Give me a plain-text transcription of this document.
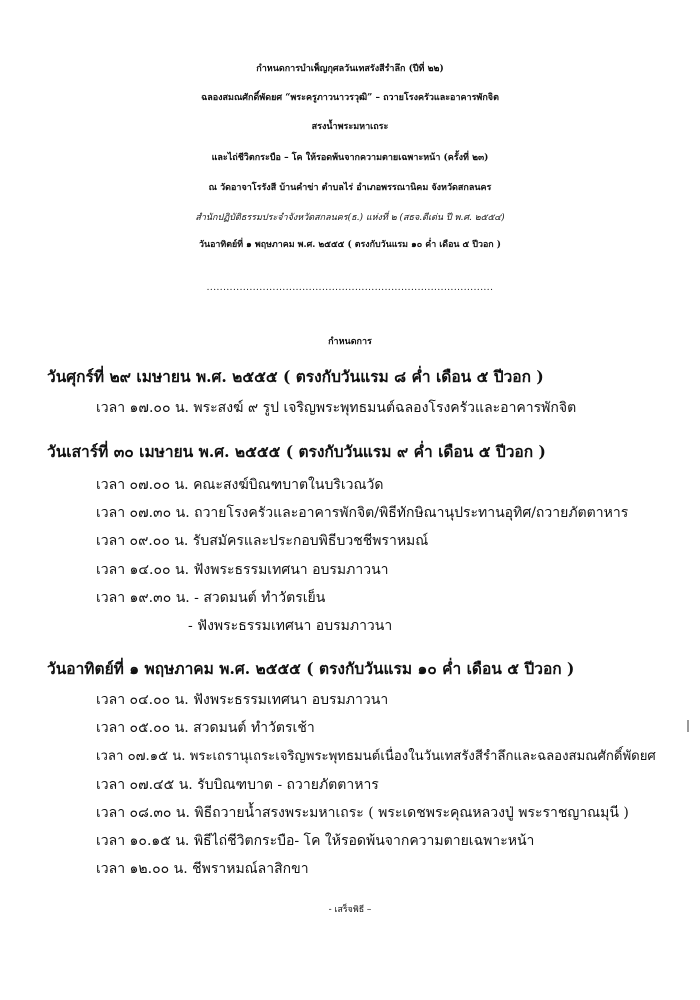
กำหนดการบำเพ็ญกุศลวันเทสรังสีรำลึก (ปีที่ ๒๒)
ฉลองสมณศักดิ์พัดยศ “พระครูภาวนาวรวุฒิ” – ถวายโรงครัวและอาคารพักจิต
สรงน้ำพระมหาเถระ
และไถ่ชีวิตกระบือ – โค ให้รอดพ้นจากความตายเฉพาะหน้า (ครั้งที่ ๒๓)
ณ วัดอาจาโรรังสี บ้านคำข่า ตำบลไร่ อำเภอพรรณานิคม จังหวัดสกลนคร
สำนักปฏิบัติธรรมประจำจังหวัดสกลนคร(ธ.) แห่งที่ ๒ (สธจ.ดีเด่น ปี พ.ศ. ๒๕๕๔)
วันอาทิตย์ที่ ๑ พฤษภาคม พ.ศ. ๒๕๕๕ ( ตรงกับวันแรม ๑๐ ค่ำ เดือน ๕ ปีวอก )
.......................................................................................
กำหนดการ
วันศุกร์ที่ ๒๙ เมษายน พ.ศ. ๒๕๕๕ ( ตรงกับวันแรม ๘ ค่ำ เดือน ๕ ปีวอก )
เวลา ๑๗.๐๐ น. พระสงฆ์ ๙ รูป เจริญพระพุทธมนต์ฉลองโรงครัวและอาคารพักจิต
วันเสาร์ที่ ๓๐ เมษายน พ.ศ. ๒๕๕๕ ( ตรงกับวันแรม ๙ ค่ำ เดือน ๕ ปีวอก )
เวลา ๐๗.๐๐ น. คณะสงฆ์บิณฑบาตในบริเวณวัด
เวลา ๐๗.๓๐ น. ถวายโรงครัวและอาคารพักจิต/พิธีทักษิณานุประทานอุทิศ/ถวายภัตตาหาร
เวลา ๐๙.๐๐ น. รับสมัครและประกอบพิธีบวชชีพราหมณ์
เวลา ๑๔.๐๐ น. ฟังพระธรรมเทศนา อบรมภาวนา
เวลา ๑๙.๓๐ น. - สวดมนต์ ทำวัตรเย็น
- ฟังพระธรรมเทศนา อบรมภาวนา
วันอาทิตย์ที่ ๑ พฤษภาคม พ.ศ. ๒๕๕๕ ( ตรงกับวันแรม ๑๐ ค่ำ เดือน ๕ ปีวอก )
เวลา ๐๔.๐๐ น. ฟังพระธรรมเทศนา อบรมภาวนา
เวลา ๐๕.๐๐ น. สวดมนต์ ทำวัตรเช้า
เวลา ๐๗.๑๕ น. พระเถรานุเถระเจริญพระพุทธมนต์เนื่องในวันเทสรังสีรำลึกและฉลองสมณศักดิ์พัดยศ
เวลา ๐๗.๔๕ น. รับบิณฑบาต - ถวายภัตตาหาร
เวลา ๐๘.๓๐ น. พิธีถวายน้ำสรงพระมหาเถระ ( พระเดชพระคุณหลวงปู่ พระราชญาณมุนี )
เวลา ๑๐.๑๕ น. พิธีไถ่ชีวิตกระบือ- โค ให้รอดพ้นจากความตายเฉพาะหน้า
เวลา ๑๒.๐๐ น. ชีพราหมณ์ลาสิกขา
- เสร็จพิธี –
